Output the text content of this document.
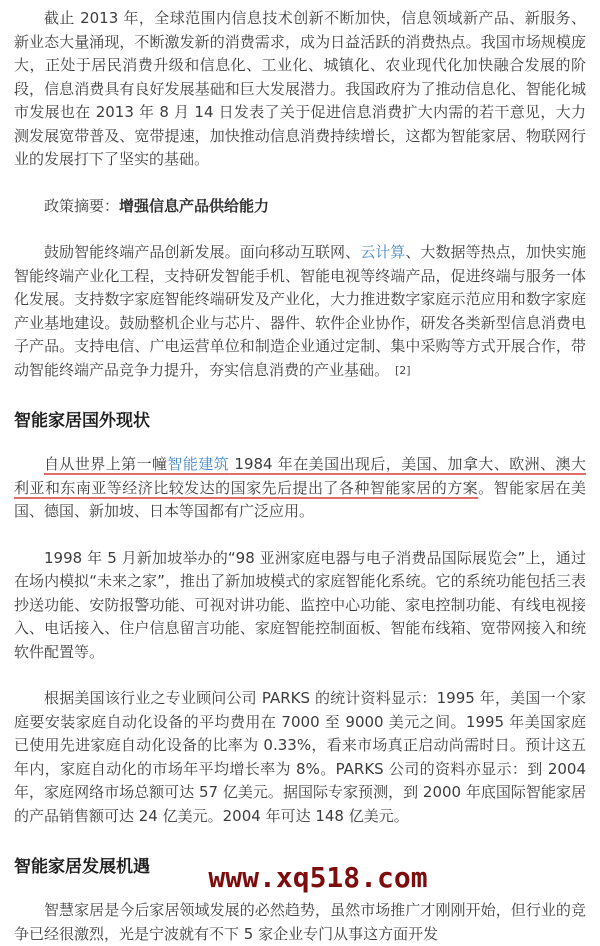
截止 2013 年，全球范围内信息技术创新不断加快，信息领域新产品、新服务、新业态大量涌现，不断激发新的消费需求，成为日益活跃的消费热点。我国市场规模庞大，正处于居民消费升级和信息化、工业化、城镇化、农业现代化加快融合发展的阶段，信息消费具有良好发展基础和巨大发展潜力。我国政府为了推动信息化、智能化城市发展也在 2013 年 8 月 14 日发表了关于促进信息消费扩大内需的若干意见，大力测发展宽带普及、宽带提速，加快推动信息消费持续增长，这都为智能家居、物联网行业的发展打下了坚实的基础。

政策摘要：增强信息产品供给能力

鼓励智能终端产品创新发展。面向移动互联网、云计算、大数据等热点，加快实施智能终端产业化工程，支持研发智能手机、智能电视等终端产品，促进终端与服务一体化发展。支持数字家庭智能终端研发及产业化，大力推进数字家庭示范应用和数字家庭产业基地建设。鼓励整机企业与芯片、器件、软件企业协作，研发各类新型信息消费电子产品。支持电信、广电运营单位和制造企业通过定制、集中采购等方式开展合作，带动智能终端产品竞争力提升，夯实信息消费的产业基础。 [2]

智能家居国外现状

自从世界上第一幢智能建筑 1984 年在美国出现后，美国、加拿大、欧洲、澳大利亚和东南亚等经济比较发达的国家先后提出了各种智能家居的方案。智能家居在美国、德国、新加坡、日本等国都有广泛应用。

1998 年 5 月新加坡举办的“98 亚洲家庭电器与电子消费品国际展览会”上，通过在场内模拟“未来之家”，推出了新加坡模式的家庭智能化系统。它的系统功能包括三表抄送功能、安防报警功能、可视对讲功能、监控中心功能、家电控制功能、有线电视接入、电话接入、住户信息留言功能、家庭智能控制面板、智能布线箱、宽带网接入和统软件配置等。

根据美国该行业之专业顾问公司 PARKS 的统计资料显示：1995 年，美国一个家庭要安装家庭自动化设备的平均费用在 7000 至 9000 美元之间。1995 年美国家庭已使用先进家庭自动化设备的比率为 0.33%，看来市场真正启动尚需时日。预计这五年内，家庭自动化的市场年平均增长率为 8%。PARKS 公司的资料亦显示：到 2004 年，家庭网络市场总额可达 57 亿美元。据国际专家预测，到 2000 年底国际智能家居的产品销售额可达 24 亿美元。2004 年可达 148 亿美元。

智能家居发展机遇

智慧家居是今后家居领域发展的必然趋势，虽然市场推广才刚刚开始，但行业的竞争已经很激烈，光是宁波就有不下 5 家企业专门从事这方面开发

www.xq518.com
